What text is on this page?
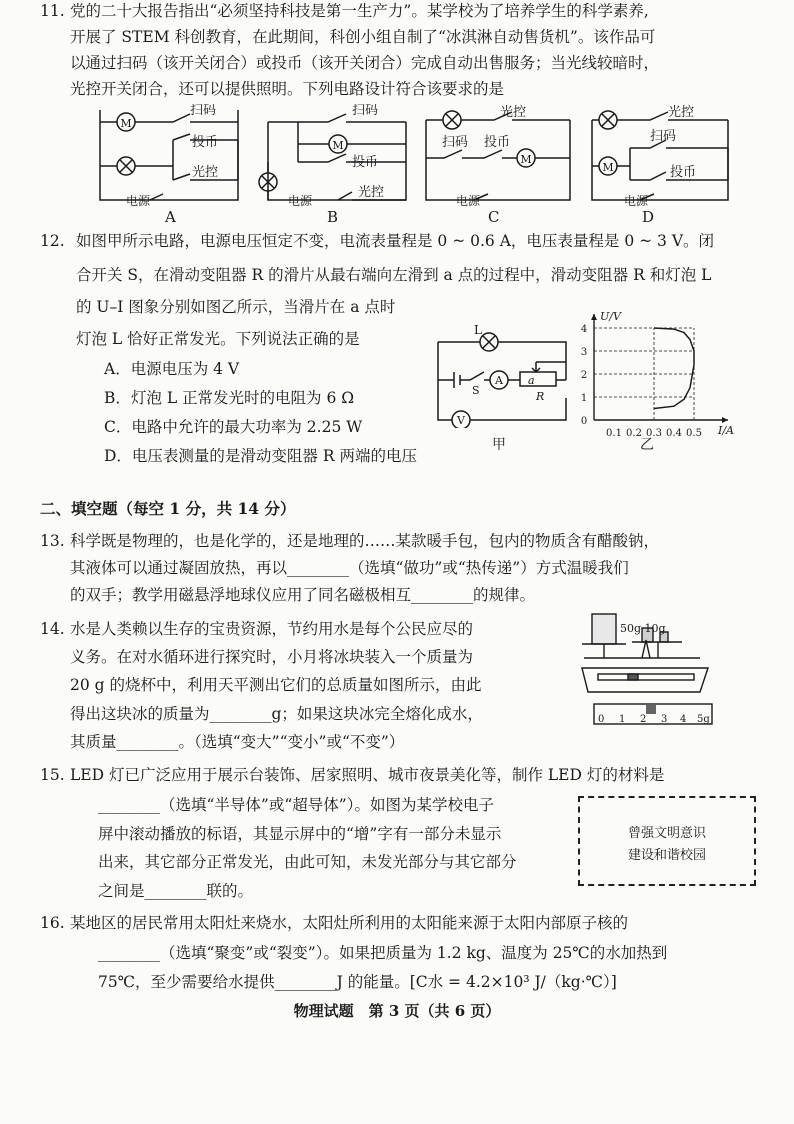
11. 党的二十大报告指出“必须坚持科技是第一生产力”。某学校为了培养学生的科学素养,
开展了 STEM 科创教育，在此期间，科创小组自制了“冰淇淋自动售货机”。该作品可
以通过扫码（该开关闭合）或投币（该开关闭合）完成自动出售服务；当光线较暗时，
光控开关闭合，还可以提供照明。下列电路设计符合该要求的是
M
扫码
投币
光控
电源
A
M
扫码
投币
光控
电源
B
M
光控
扫码 投币
电源
C
M
光控
扫码
投币
电源
D
12. 如图甲所示电路，电源电压恒定不变，电流表量程是 0 ~ 0.6 A，电压表量程是 0 ~ 3 V。闭
合开关 S，在滑动变阻器 R 的滑片从最右端向左滑到 a 点的过程中，滑动变阻器 R 和灯泡 L
的 U–I 图象分别如图乙所示，当滑片在 a 点时
灯泡 L 恰好正常发光。下列说法正确的是
A．电源电压为 4 V
B．灯泡 L 正常发光时的电阻为 6 Ω
C．电路中允许的最大功率为 2.25 W
D．电压表测量的是滑动变阻器 R 两端的电压
A
V
L
S
a
R
甲
U/V
I/A
0
1
2
3
4
0.1 0.2 0.3 0.4 0.5
乙
二、填空题（每空 1 分，共 14 分）
13. 科学既是物理的，也是化学的，还是地理的……某款暖手包，包内的物质含有醋酸钠，
其液体可以通过凝固放热，再以________（选填“做功”或“热传递”）方式温暖我们
的双手；教学用磁悬浮地球仪应用了同名磁极相互________的规律。
14. 水是人类赖以生存的宝贵资源，节约用水是每个公民应尽的
义务。在对水循环进行探究时，小月将冰块装入一个质量为
20 g 的烧杯中，利用天平测出它们的总质量如图所示，由此
得出这块冰的质量为________g；如果这块冰完全熔化成水，
其质量________。（选填“变大”“变小”或“不变”）
50g 10g
0 1 2 3 4 5g
15. LED 灯已广泛应用于展示台装饰、居家照明、城市夜景美化等，制作 LED 灯的材料是
________（选填“半导体”或“超导体”）。如图为某学校电子
屏中滚动播放的标语，其显示屏中的“增”字有一部分未显示
出来，其它部分正常发光，由此可知，未发光部分与其它部分
之间是________联的。
曾强文明意识
建设和谐校园
16. 某地区的居民常用太阳灶来烧水，太阳灶所利用的太阳能来源于太阳内部原子核的
________（选填“聚变”或“裂变”）。如果把质量为 1.2 kg、温度为 25℃的水加热到
75℃，至少需要给水提供________J 的能量。[C水 = 4.2×10³ J/（kg·℃）]
物理试题　第 3 页（共 6 页）
